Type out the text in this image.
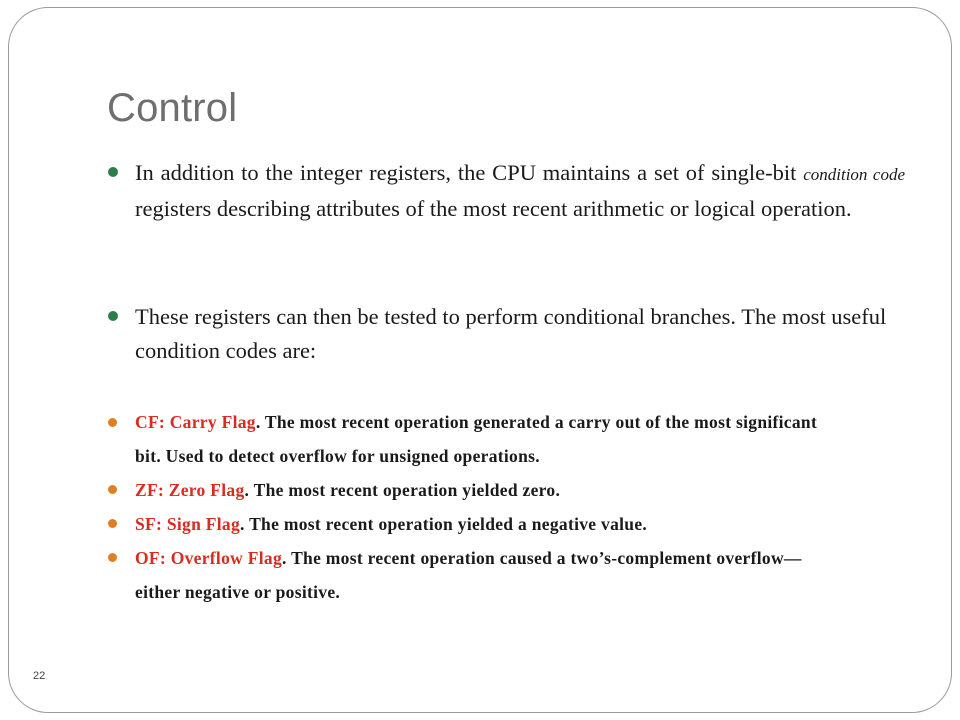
Control

In addition to the integer registers, the CPU maintains a set of single-bit condition code registers describing attributes of the most recent arithmetic or logical operation.

These registers can then be tested to perform conditional branches. The most useful condition codes are:

CF: Carry Flag. The most recent operation generated a carry out of the most significant bit. Used to detect overflow for unsigned operations.

ZF: Zero Flag. The most recent operation yielded zero.

SF: Sign Flag. The most recent operation yielded a negative value.

OF: Overflow Flag. The most recent operation caused a two’s-complement overflow—either negative or positive.

22
